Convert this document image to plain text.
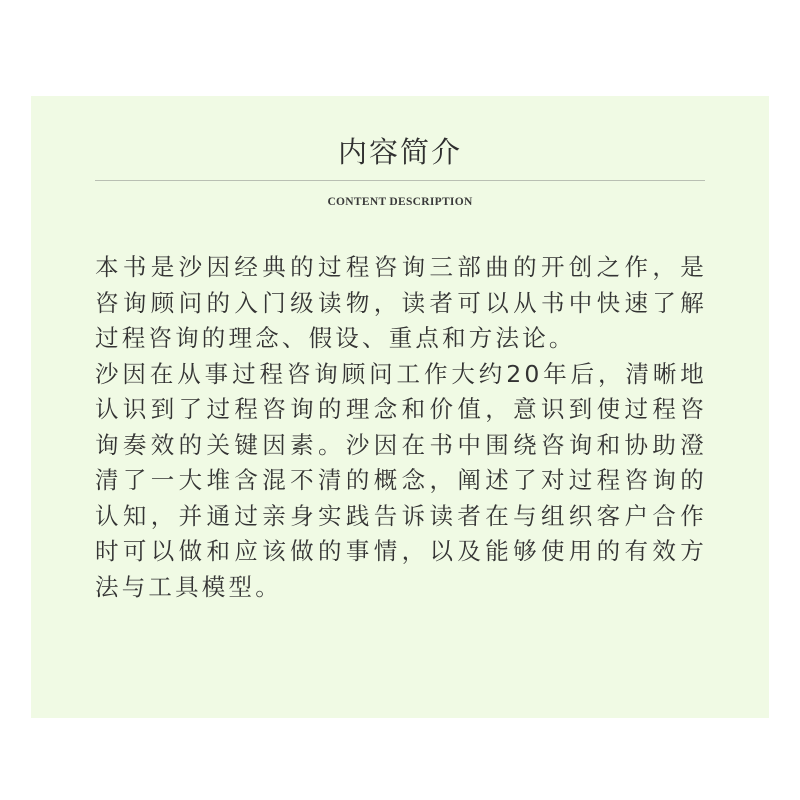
内容简介
CONTENT DESCRIPTION

本书是沙因经典的过程咨询三部曲的开创之作，是咨询顾问的入门级读物，读者可以从书中快速了解过程咨询的理念、假设、重点和方法论。

沙因在从事过程咨询顾问工作大约20年后，清晰地认识到了过程咨询的理念和价值，意识到使过程咨询奏效的关键因素。沙因在书中围绕咨询和协助澄清了一大堆含混不清的概念，阐述了对过程咨询的认知，并通过亲身实践告诉读者在与组织客户合作时可以做和应该做的事情，以及能够使用的有效方法与工具模型。
